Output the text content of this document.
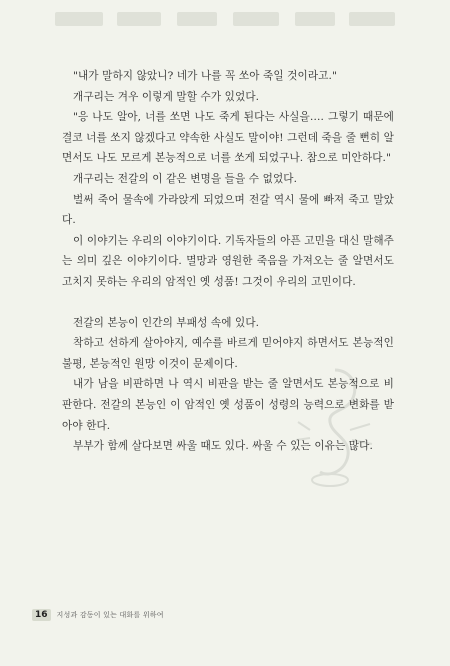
"내가 말하지 않았니? 네가 나를 꼭 쏘아 죽일 것이라고."

개구리는 겨우 이렇게 말할 수가 있었다.

"응 나도 알아, 너를 쏘면 나도 죽게 된다는 사실을…. 그렇기 때문에 결코 너를 쏘지 않겠다고 약속한 사실도 말이야! 그런데 죽을 줄 뻔히 알면서도 나도 모르게 본능적으로 너를 쏘게 되었구나. 참으로 미안하다."

개구리는 전갈의 이 같은 변명을 들을 수 없었다.

벌써 죽어 물속에 가라앉게 되었으며 전갈 역시 물에 빠져 죽고 말았다.

이 이야기는 우리의 이야기이다. 기독자들의 아픈 고민을 대신 말해주는 의미 깊은 이야기이다. 멸망과 영원한 죽음을 가져오는 줄 알면서도 고치지 못하는 우리의 암적인 옛 성품! 그것이 우리의 고민이다.

전갈의 본능이 인간의 부패성 속에 있다.

착하고 선하게 살아야지, 예수를 바르게 믿어야지 하면서도 본능적인 불평, 본능적인 원망 이것이 문제이다.

내가 남을 비판하면 나 역시 비판을 받는 줄 알면서도 본능적으로 비판한다. 전갈의 본능인 이 암적인 옛 성품이 성령의 능력으로 변화를 받아야 한다.

부부가 함께 살다보면 싸울 때도 있다. 싸울 수 있는 이유는 많다.

16	지성과 감동이 있는 대화를 위하여
